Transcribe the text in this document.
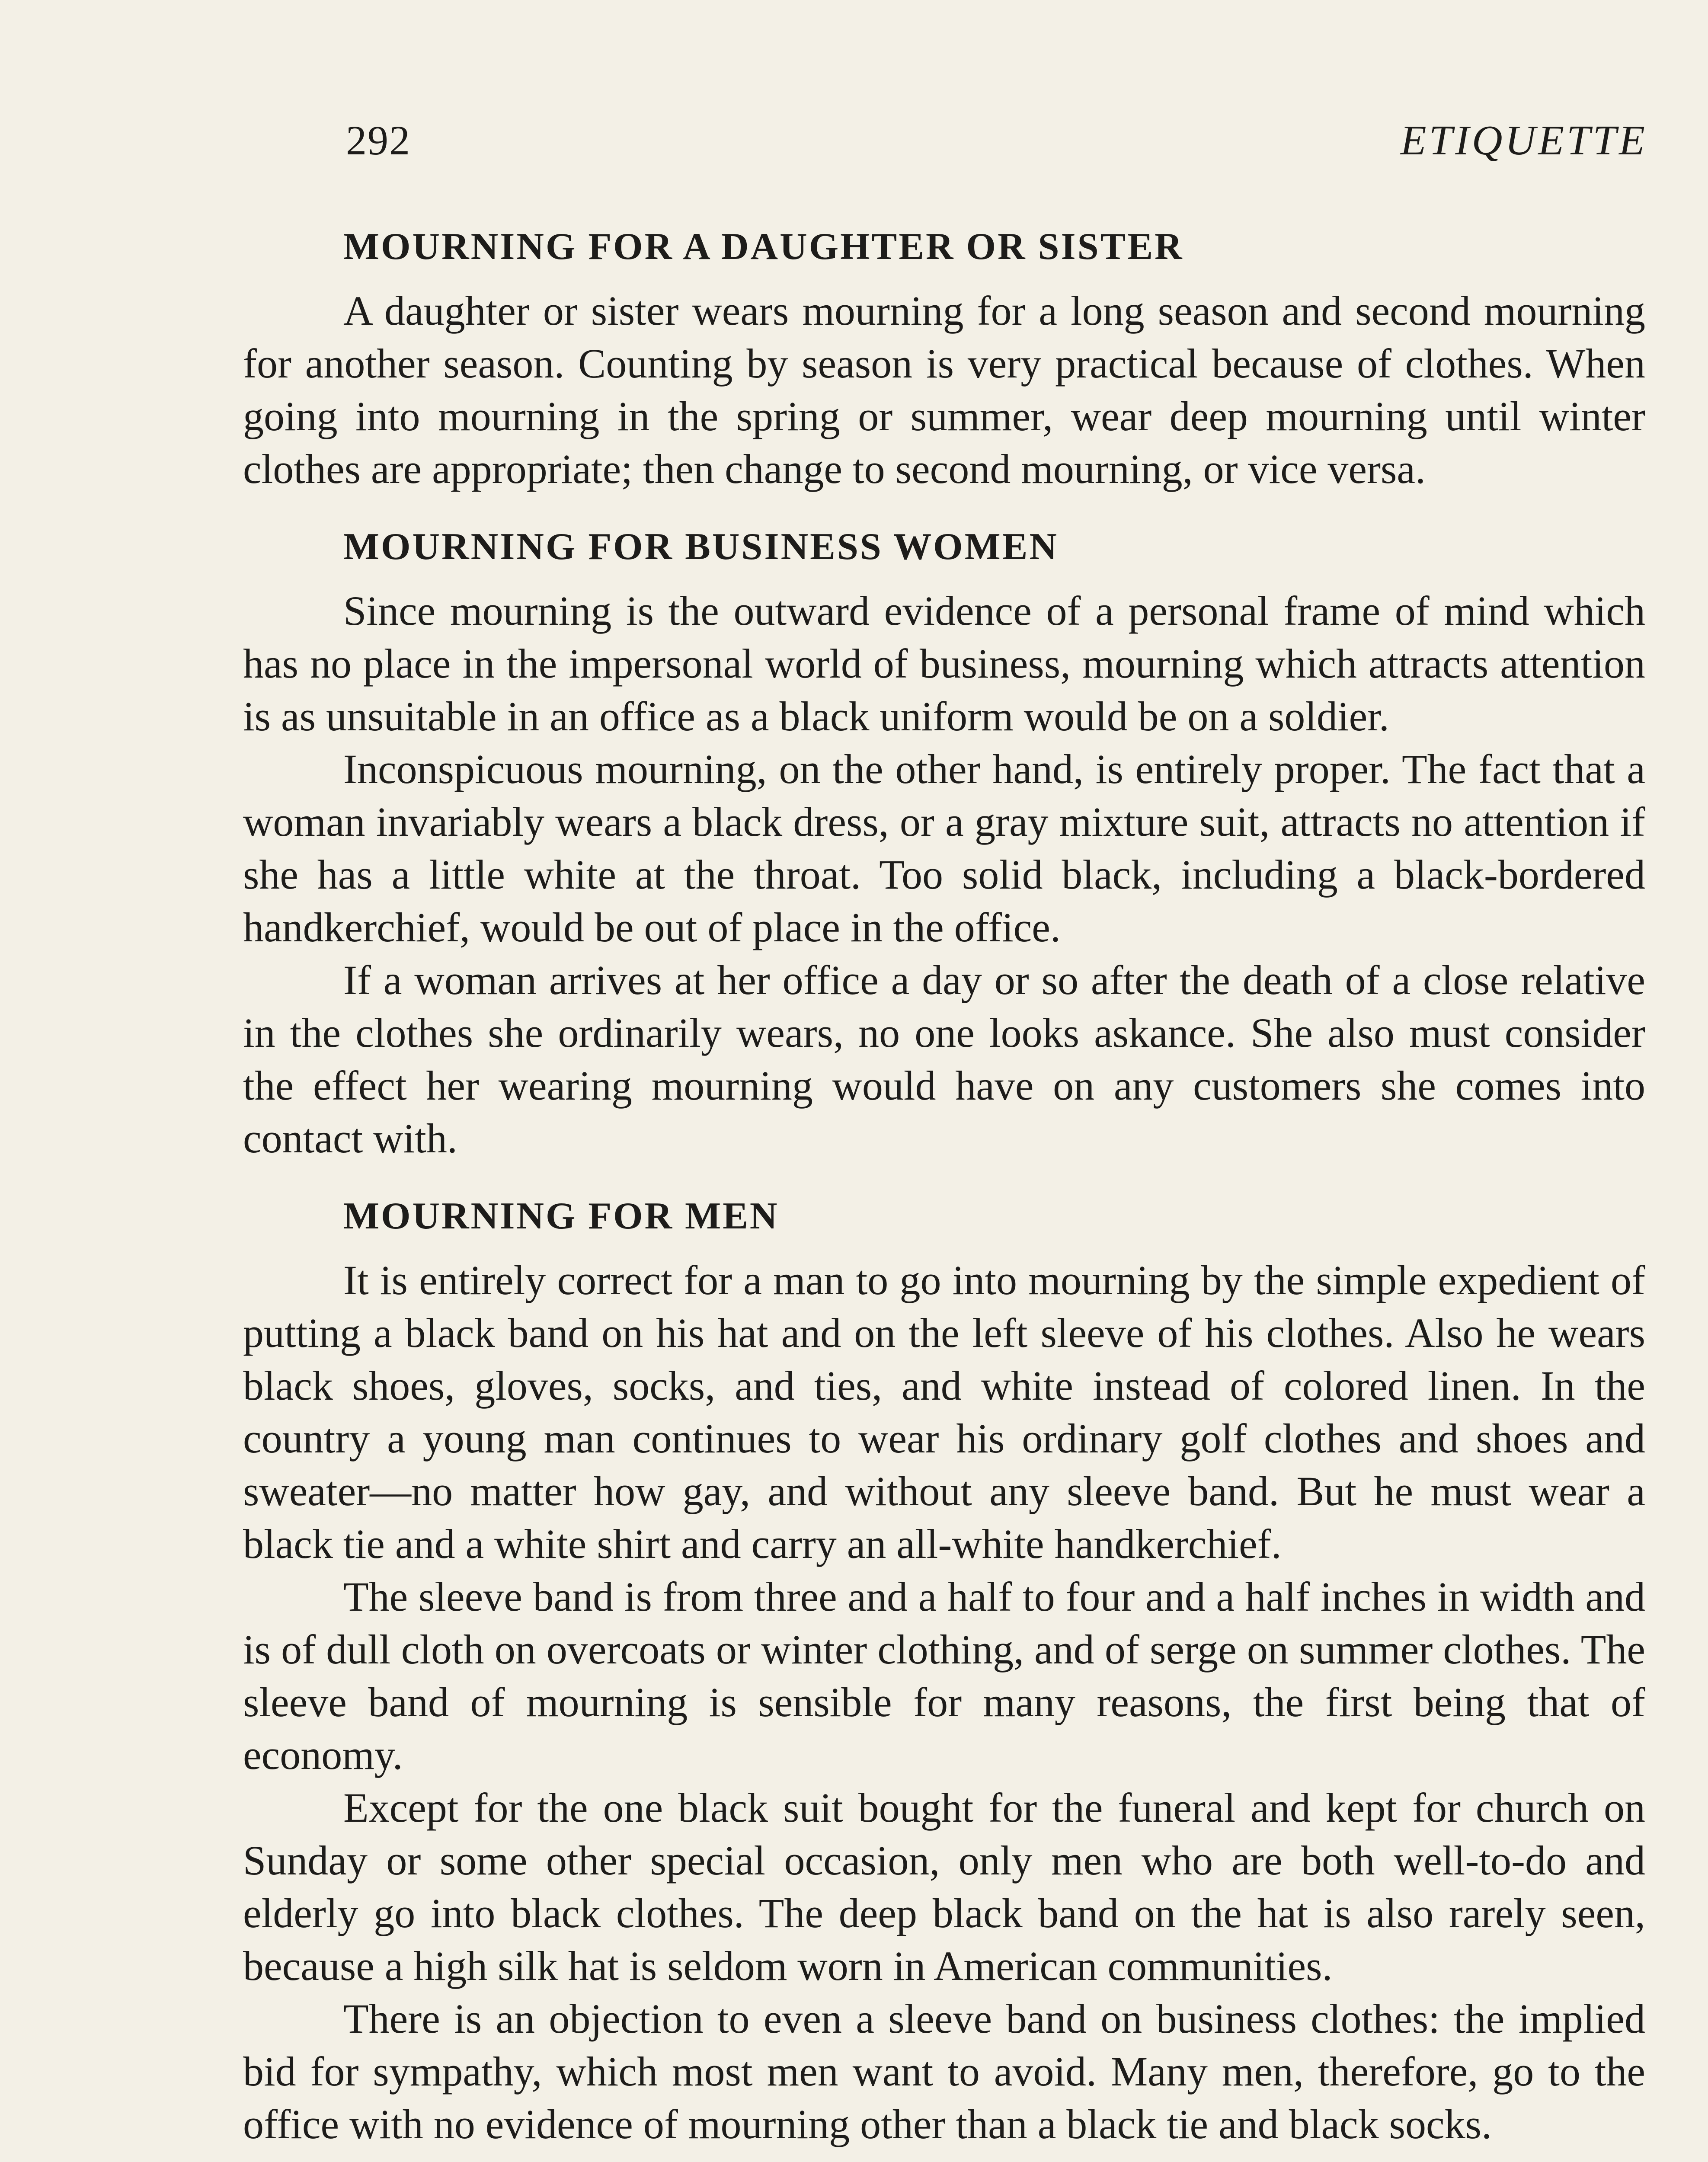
292	ETIQUETTE
MOURNING FOR A DAUGHTER OR SISTER

A daughter or sister wears mourning for a long season and second mourning for another season. Counting by season is very practical because of clothes. When going into mourning in the spring or summer, wear deep mourning until winter clothes are appropriate; then change to second mourning, or vice versa.

MOURNING FOR BUSINESS WOMEN

Since mourning is the outward evidence of a personal frame of mind which has no place in the impersonal world of business, mourning which attracts attention is as unsuitable in an office as a black uniform would be on a soldier.

Inconspicuous mourning, on the other hand, is entirely proper. The fact that a woman invariably wears a black dress, or a gray mixture suit, attracts no attention if she has a little white at the throat. Too solid black, including a black-bordered handkerchief, would be out of place in the office.

If a woman arrives at her office a day or so after the death of a close relative in the clothes she ordinarily wears, no one looks askance. She also must consider the effect her wearing mourning would have on any customers she comes into contact with.

MOURNING FOR MEN

It is entirely correct for a man to go into mourning by the simple expedient of putting a black band on his hat and on the left sleeve of his clothes. Also he wears black shoes, gloves, socks, and ties, and white instead of colored linen. In the country a young man continues to wear his ordinary golf clothes and shoes and sweater—no matter how gay, and without any sleeve band. But he must wear a black tie and a white shirt and carry an all-white handkerchief.

The sleeve band is from three and a half to four and a half inches in width and is of dull cloth on overcoats or winter clothing, and of serge on summer clothes. The sleeve band of mourning is sensible for many reasons, the first being that of economy.

Except for the one black suit bought for the funeral and kept for church on Sunday or some other special occasion, only men who are both well-to-do and elderly go into black clothes. The deep black band on the hat is also rarely seen, because a high silk hat is seldom worn in American communities.

There is an objection to even a sleeve band on business clothes: the implied bid for sympathy, which most men want to avoid. Many men, therefore, go to the office with no evidence of mourning other than a black tie and black socks.
